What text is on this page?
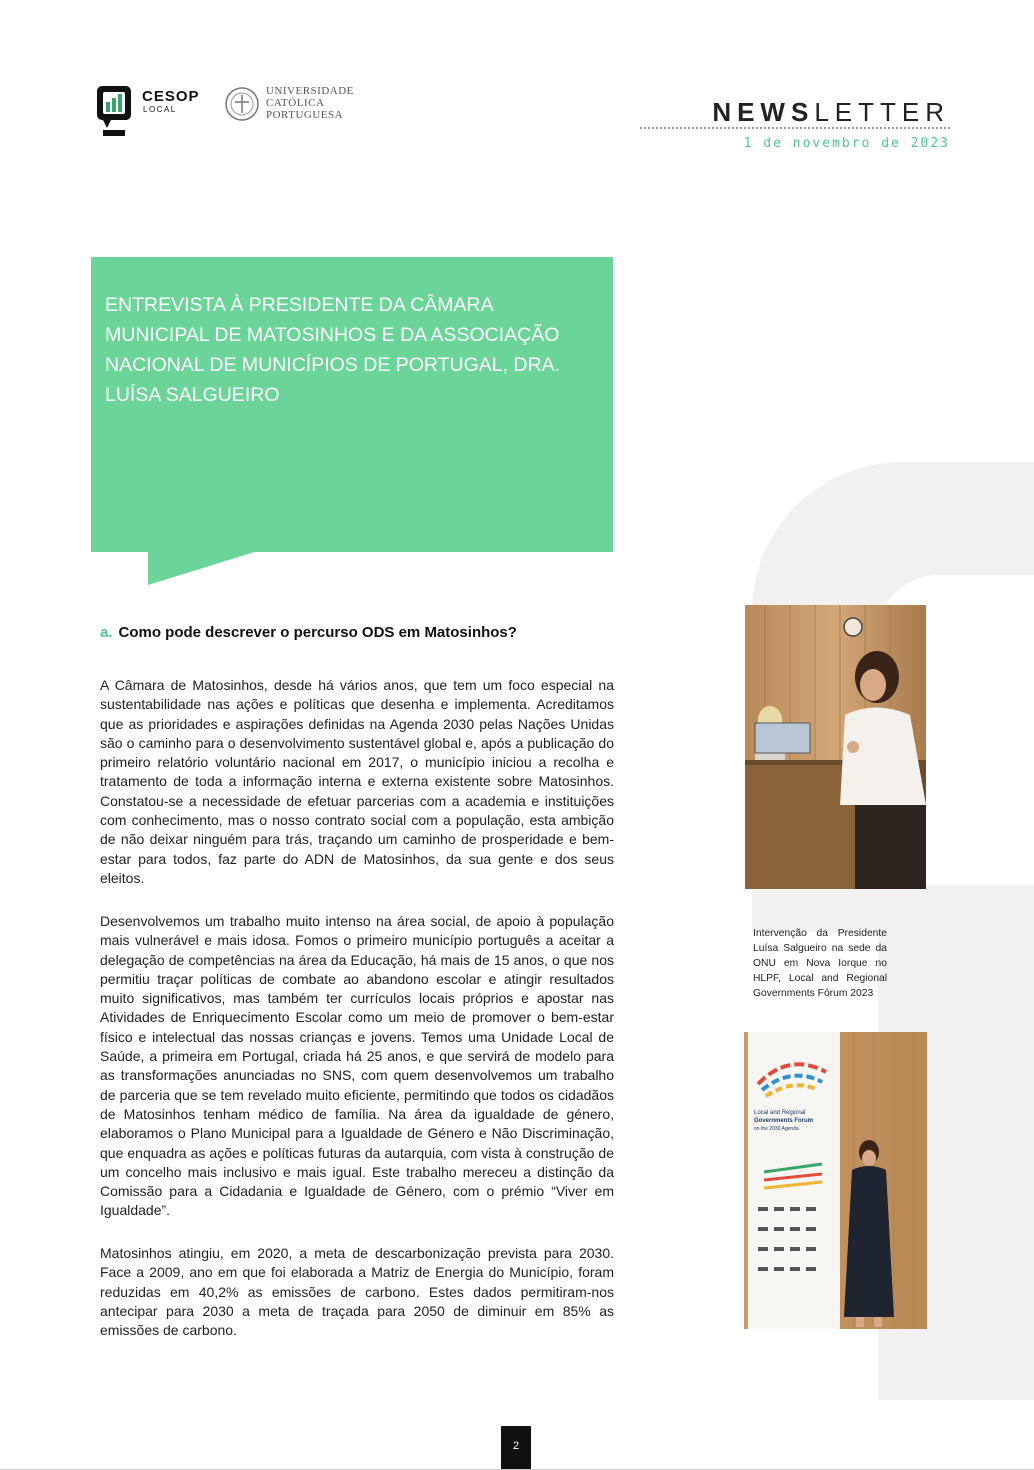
CESOP
LOCAL
UNIVERSIDADE
CATÓLICA
PORTUGUESA	NEWSLETTER
1 de novembro de 2023
ENTREVISTA À PRESIDENTE DA CÂMARA MUNICIPAL DE MATOSINHOS E DA ASSOCIAÇÃO NACIONAL DE MUNICÍPIOS DE PORTUGAL, DRA. LUÍSA SALGUEIRO
a. Como pode descrever o percurso ODS em Matosinhos?
A Câmara de Matosinhos, desde há vários anos, que tem um foco especial na sustentabilidade nas ações e políticas que desenha e implementa. Acreditamos que as prioridades e aspirações definidas na Agenda 2030 pelas Nações Unidas são o caminho para o desenvolvimento sustentável global e, após a publicação do primeiro relatório voluntário nacional em 2017, o município iniciou a recolha e tratamento de toda a informação interna e externa existente sobre Matosinhos. Constatou-se a necessidade de efetuar parcerias com a academia e instituições com conhecimento, mas o nosso contrato social com a população, esta ambição de não deixar ninguém para trás, traçando um caminho de prosperidade e bem-estar para todos, faz parte do ADN de Matosinhos, da sua gente e dos seus eleitos.
Desenvolvemos um trabalho muito intenso na área social, de apoio à população mais vulnerável e mais idosa. Fomos o primeiro município português a aceitar a delegação de competências na área da Educação, há mais de 15 anos, o que nos permitiu traçar políticas de combate ao abandono escolar e atingir resultados muito significativos, mas também ter currículos locais próprios e apostar nas Atividades de Enriquecimento Escolar como um meio de promover o bem-estar físico e intelectual das nossas crianças e jovens. Temos uma Unidade Local de Saúde, a primeira em Portugal, criada há 25 anos, e que servirá de modelo para as transformações anunciadas no SNS, com quem desenvolvemos um trabalho de parceria que se tem revelado muito eficiente, permitindo que todos os cidadãos de Matosinhos tenham médico de família. Na área da igualdade de género, elaboramos o Plano Municipal para a Igualdade de Género e Não Discriminação, que enquadra as ações e políticas futuras da autarquia, com vista à construção de um concelho mais inclusivo e mais igual. Este trabalho mereceu a distinção da Comissão para a Cidadania e Igualdade de Género, com o prémio “Viver em Igualdade”.
Matosinhos atingiu, em 2020, a meta de descarbonização prevista para 2030. Face a 2009, ano em que foi elaborada a Matriz de Energia do Município, foram reduzidas em 40,2% as emissões de carbono. Estes dados permitiram-nos antecipar para 2030 a meta de traçada para 2050 de diminuir em 85% as emissões de carbono.
Intervenção da Presidente Luísa Salgueiro na sede da ONU em Nova Iorque no HLPF, Local and Regional Governments Fórum 2023
Local and Regional
Governments Forum
on the 2030 Agenda
2
